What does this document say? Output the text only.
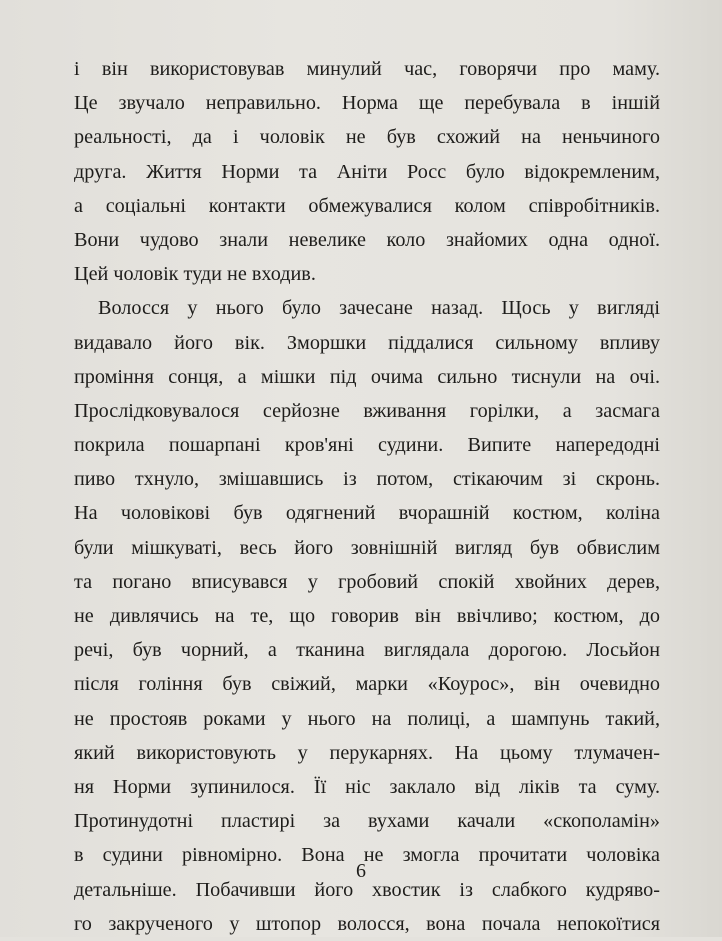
і він використовував минулий час, говорячи про маму.
Це звучало неправильно. Норма ще перебувала в іншій
реальності, да і чоловік не був схожий на неньчиного
друга. Життя Норми та Аніти Росс було відокремленим,
а соціальні контакти обмежувалися колом співробітників.
Вони чудово знали невелике коло знайомих одна одної.
Цей чоловік туди не входив.
Волосся у нього було зачесане назад. Щось у вигляді
видавало його вік. Зморшки піддалися сильному впливу
проміння сонця, а мішки під очима сильно тиснули на очі.
Прослідковувалося серйозне вживання горілки, а засмага
покрила пошарпані кров'яні судини. Випите напередодні
пиво тхнуло, змішавшись із потом, стікаючим зі скронь.
На чоловікові був одягнений вчорашній костюм, коліна
були мішкуваті, весь його зовнішній вигляд був обвислим
та погано вписувався у гробовий спокій хвойних дерев,
не дивлячись на те, що говорив він ввічливо; костюм, до
речі, був чорний, а тканина виглядала дорогою. Лосьйон
після гоління був свіжий, марки «Коурос», він очевидно
не простояв роками у нього на полиці, а шампунь такий,
який використовують у перукарнях. На цьому тлумачен-
ня Норми зупинилося. Її ніс заклало від ліків та суму.
Протинудотні пластирі за вухами качали «скополамін»
в судини рівномірно. Вона не змогла прочитати чоловіка
детальніше. Побачивши його хвостик із слабкого кудряво-
го закрученого у штопор волосся, вона почала непокоїтися
6
